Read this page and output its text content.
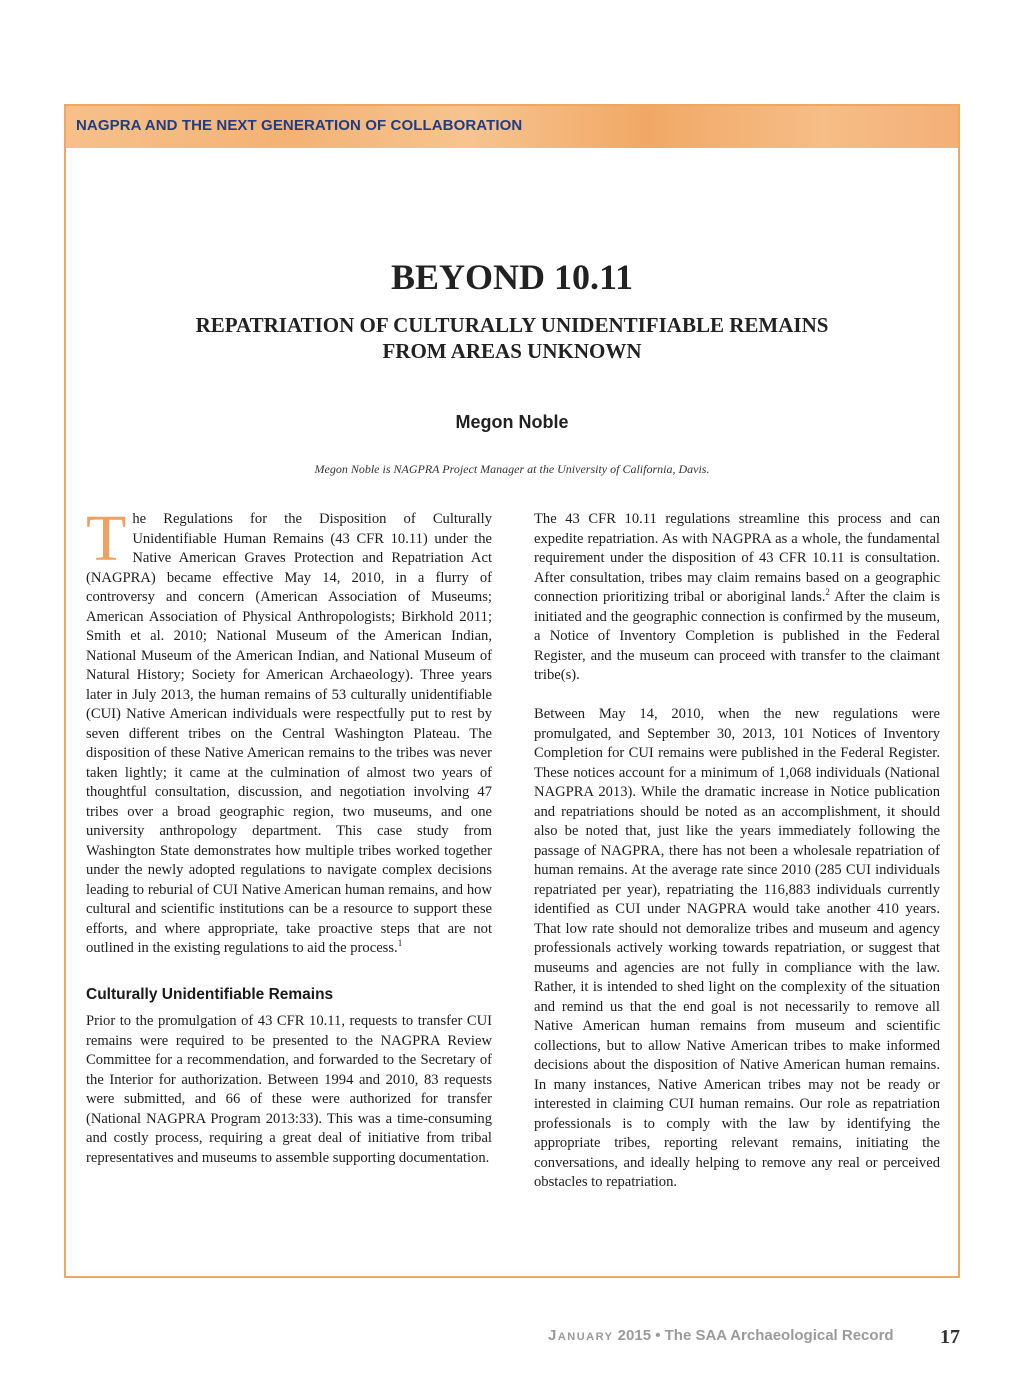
NAGPRA AND THE NEXT GENERATION OF COLLABORATION
BEYOND 10.11
REPATRIATION OF CULTURALLY UNIDENTIFIABLE REMAINS
FROM AREAS UNKNOWN
Megon Noble
Megon Noble is NAGPRA Project Manager at the University of California, Davis.

The Regulations for the Disposition of Culturally Unidentifiable Human Remains (43 CFR 10.11) under the Native American Graves Protection and Repatriation Act (NAGPRA) became effective May 14, 2010, in a flurry of controversy and concern (American Association of Museums; American Association of Physical Anthropologists; Birkhold 2011; Smith et al. 2010; National Museum of the American Indian, National Museum of the American Indian, and National Museum of Natural History; Society for American Archaeology). Three years later in July 2013, the human remains of 53 culturally unidentifiable (CUI) Native American individuals were respectfully put to rest by seven different tribes on the Central Washington Plateau. The disposition of these Native American remains to the tribes was never taken lightly; it came at the culmination of almost two years of thoughtful consultation, discussion, and negotiation involving 47 tribes over a broad geographic region, two museums, and one university anthropology department. This case study from Washington State demonstrates how multiple tribes worked together under the newly adopted regulations to navigate complex decisions leading to reburial of CUI Native American human remains, and how cultural and scientific institutions can be a resource to support these efforts, and where appropriate, take proactive steps that are not outlined in the existing regulations to aid the process.$^1$

Culturally Unidentifiable Remains

Prior to the promulgation of 43 CFR 10.11, requests to transfer CUI remains were required to be presented to the NAGPRA Review Committee for a recommendation, and forwarded to the Secretary of the Interior for authorization. Between 1994 and 2010, 83 requests were submitted, and 66 of these were authorized for transfer (National NAGPRA Program 2013:33). This was a time-consuming and costly process, requiring a great deal of initiative from tribal representatives and museums to assemble supporting documentation.

The 43 CFR 10.11 regulations streamline this process and can expedite repatriation. As with NAGPRA as a whole, the fundamental requirement under the disposition of 43 CFR 10.11 is consultation. After consultation, tribes may claim remains based on a geographic connection prioritizing tribal or aboriginal lands.$^2$ After the claim is initiated and the geographic connection is confirmed by the museum, a Notice of Inventory Completion is published in the Federal Register, and the museum can proceed with transfer to the claimant tribe(s).

Between May 14, 2010, when the new regulations were promulgated, and September 30, 2013, 101 Notices of Inventory Completion for CUI remains were published in the Federal Register. These notices account for a minimum of 1,068 individuals (National NAGPRA 2013). While the dramatic increase in Notice publication and repatriations should be noted as an accomplishment, it should also be noted that, just like the years immediately following the passage of NAGPRA, there has not been a wholesale repatriation of human remains. At the average rate since 2010 (285 CUI individuals repatriated per year), repatriating the 116,883 individuals currently identified as CUI under NAGPRA would take another 410 years. That low rate should not demoralize tribes and museum and agency professionals actively working towards repatriation, or suggest that museums and agencies are not fully in compliance with the law. Rather, it is intended to shed light on the complexity of the situation and remind us that the end goal is not necessarily to remove all Native American human remains from museum and scientific collections, but to allow Native American tribes to make informed decisions about the disposition of Native American human remains. In many instances, Native American tribes may not be ready or interested in claiming CUI human remains. Our role as repatriation professionals is to comply with the law by identifying the appropriate tribes, reporting relevant remains, initiating the conversations, and ideally helping to remove any real or perceived obstacles to repatriation.

January 2015 • The SAA Archaeological Record 17
